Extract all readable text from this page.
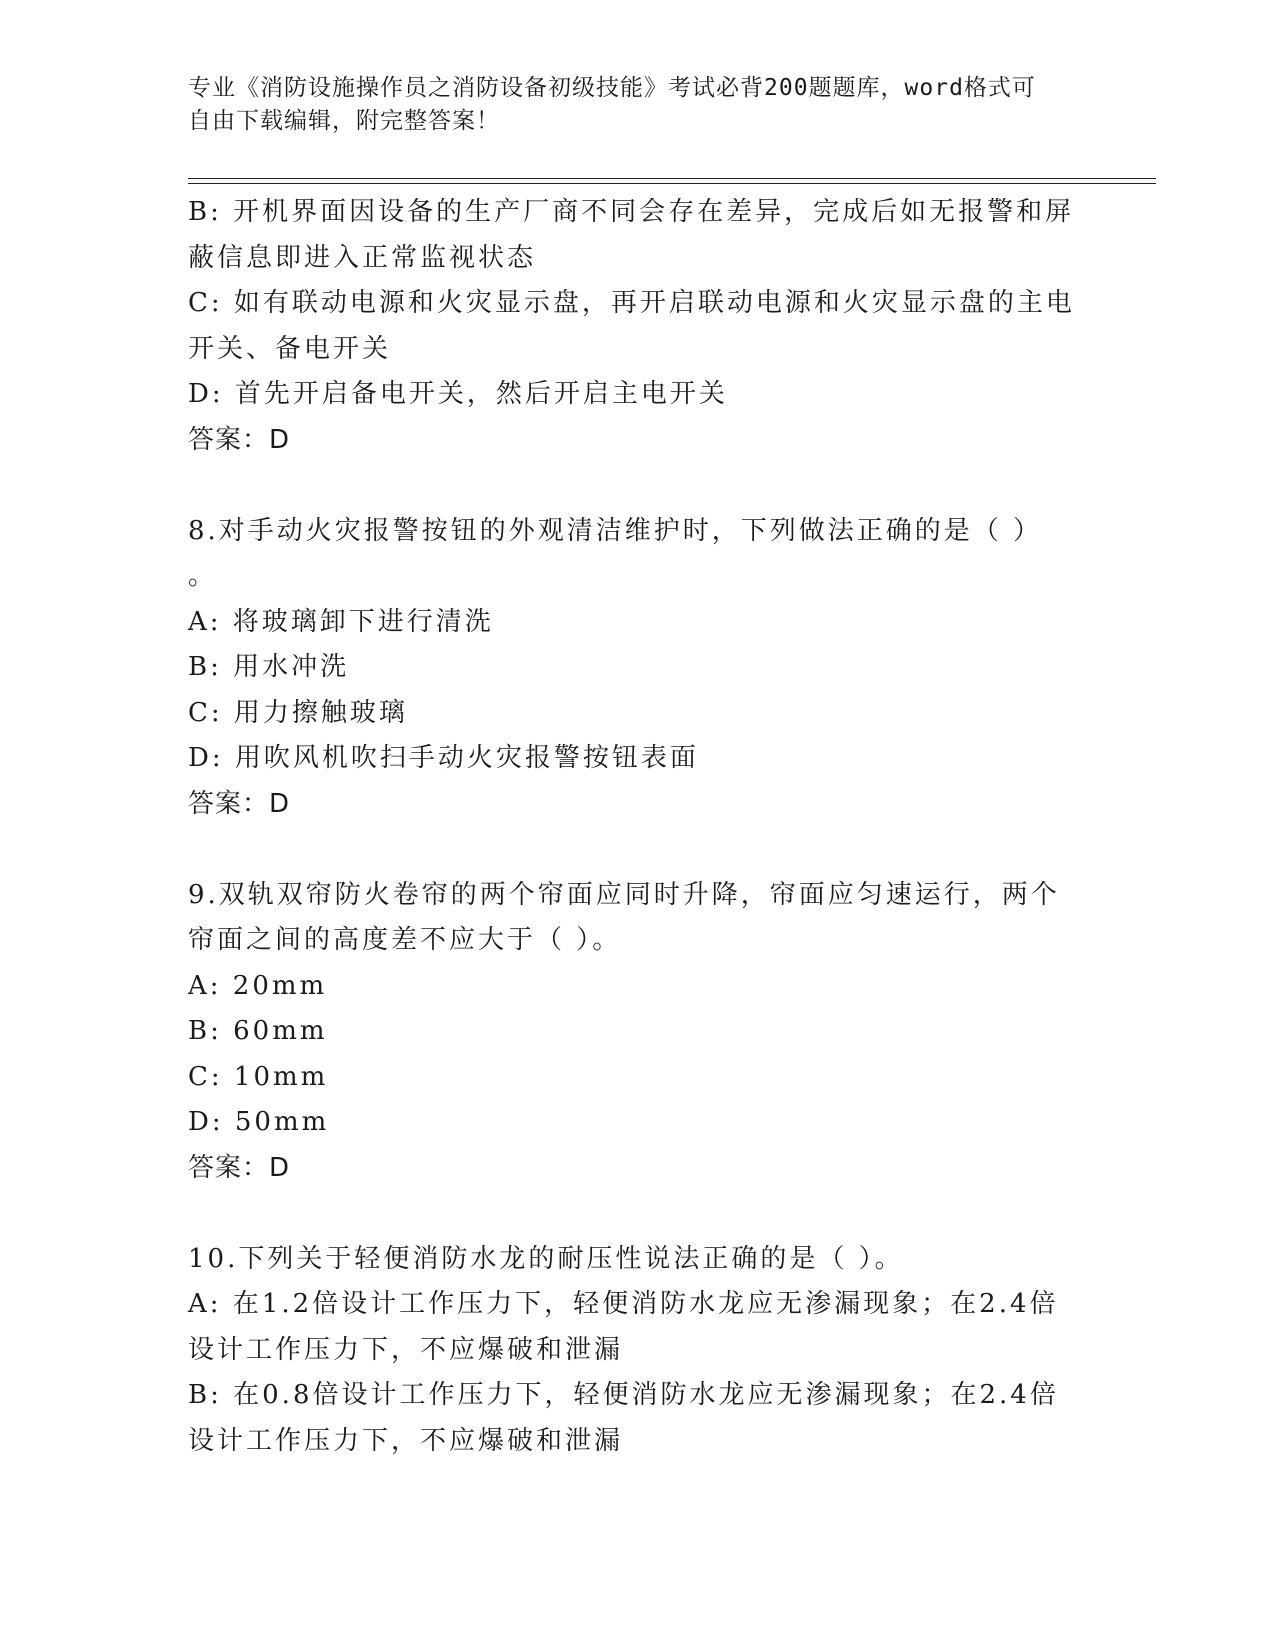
专业《消防设施操作员之消防设备初级技能》考试必背200题题库，word格式可
自由下载编辑，附完整答案！
B: 开机界面因设备的生产厂商不同会存在差异，完成后如无报警和屏
蔽信息即进入正常监视状态
C: 如有联动电源和火灾显示盘，再开启联动电源和火灾显示盘的主电
开关、备电开关
D: 首先开启备电开关，然后开启主电开关
答案：D
8.对手动火灾报警按钮的外观清洁维护时，下列做法正确的是（ ）
。
A: 将玻璃卸下进行清洗
B: 用水冲洗
C: 用力擦触玻璃
D: 用吹风机吹扫手动火灾报警按钮表面
答案：D
9.双轨双帘防火卷帘的两个帘面应同时升降，帘面应匀速运行，两个
帘面之间的高度差不应大于（ ）。
A: 20mm
B: 60mm
C: 10mm
D: 50mm
答案：D
10.下列关于轻便消防水龙的耐压性说法正确的是（ ）。
A: 在1.2倍设计工作压力下，轻便消防水龙应无渗漏现象；在2.4倍
设计工作压力下，不应爆破和泄漏
B: 在0.8倍设计工作压力下，轻便消防水龙应无渗漏现象；在2.4倍
设计工作压力下，不应爆破和泄漏
